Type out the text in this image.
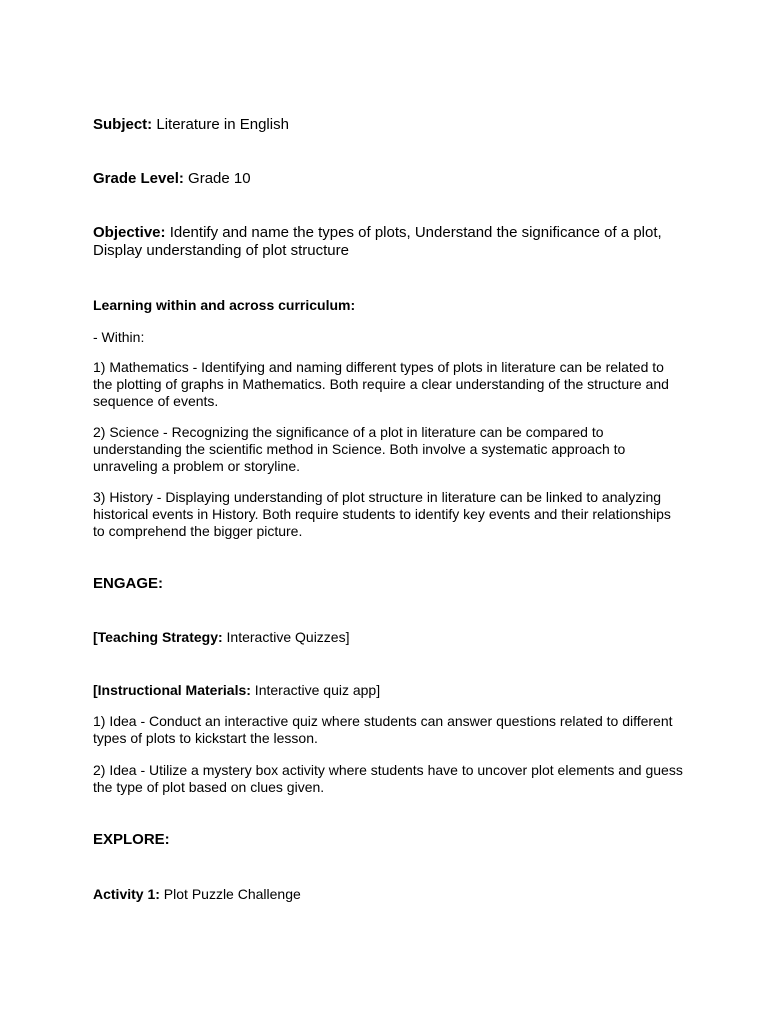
Subject: Literature in English

Grade Level: Grade 10

Objective: Identify and name the types of plots, Understand the significance of a plot, Display understanding of plot structure

Learning within and across curriculum:

- Within:

1) Mathematics - Identifying and naming different types of plots in literature can be related to the plotting of graphs in Mathematics. Both require a clear understanding of the structure and sequence of events.

2) Science - Recognizing the significance of a plot in literature can be compared to understanding the scientific method in Science. Both involve a systematic approach to unraveling a problem or storyline.

3) History - Displaying understanding of plot structure in literature can be linked to analyzing historical events in History. Both require students to identify key events and their relationships to comprehend the bigger picture.

ENGAGE:

[Teaching Strategy: Interactive Quizzes]

[Instructional Materials: Interactive quiz app]

1) Idea - Conduct an interactive quiz where students can answer questions related to different types of plots to kickstart the lesson.

2) Idea - Utilize a mystery box activity where students have to uncover plot elements and guess the type of plot based on clues given.

EXPLORE:

Activity 1: Plot Puzzle Challenge
